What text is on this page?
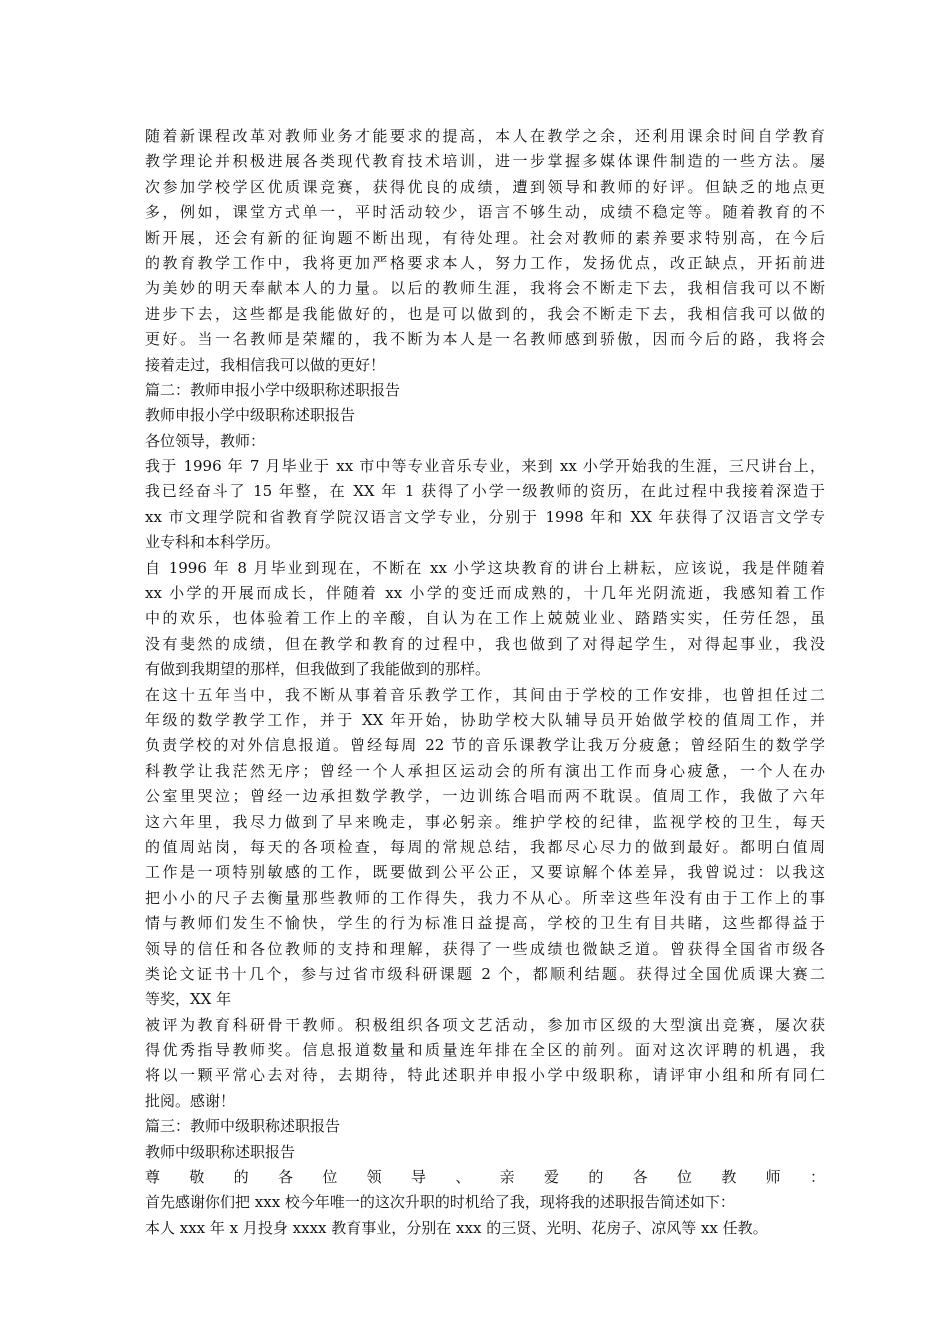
随着新课程改革对教师业务才能要求的提高，本人在教学之余，还利用课余时间自学教育
教学理论并积极进展各类现代教育技术培训，进一步掌握多媒体课件制造的一些方法。屡
次参加学校学区优质课竞赛，获得优良的成绩，遭到领导和教师的好评。但缺乏的地点更
多，例如，课堂方式单一，平时活动较少，语言不够生动，成绩不稳定等。随着教育的不
断开展，还会有新的征询题不断出现，有待处理。社会对教师的素养要求特别高，在今后
的教育教学工作中，我将更加严格要求本人，努力工作，发扬优点，改正缺点，开拓前进
为美妙的明天奉献本人的力量。以后的教师生涯，我将会不断走下去，我相信我可以不断
进步下去，这些都是我能做好的，也是可以做到的，我会不断走下去，我相信我可以做的
更好。当一名教师是荣耀的，我不断为本人是一名教师感到骄傲，因而今后的路，我将会
接着走过，我相信我可以做的更好！
篇二：教师申报小学中级职称述职报告
教师申报小学中级职称述职报告
各位领导，教师：
我于 1996 年 7 月毕业于 xx 市中等专业音乐专业，来到 xx 小学开始我的生涯，三尺讲台上，
我已经奋斗了 15 年整，在 XX 年 1 获得了小学一级教师的资历，在此过程中我接着深造于
xx 市文理学院和省教育学院汉语言文学专业，分别于 1998 年和 XX 年获得了汉语言文学专
业专科和本科学历。
自 1996 年 8 月毕业到现在，不断在 xx 小学这块教育的讲台上耕耘，应该说，我是伴随着
xx 小学的开展而成长，伴随着 xx 小学的变迁而成熟的，十几年光阴流逝，我感知着工作
中的欢乐，也体验着工作上的辛酸，自认为在工作上兢兢业业、踏踏实实，任劳任怨，虽
没有斐然的成绩，但在教学和教育的过程中，我也做到了对得起学生，对得起事业，我没
有做到我期望的那样，但我做到了我能做到的那样。
在这十五年当中，我不断从事着音乐教学工作，其间由于学校的工作安排，也曾担任过二
年级的数学教学工作，并于 XX 年开始，协助学校大队辅导员开始做学校的值周工作，并
负责学校的对外信息报道。曾经每周 22 节的音乐课教学让我万分疲惫；曾经陌生的数学学
科教学让我茫然无序；曾经一个人承担区运动会的所有演出工作而身心疲惫，一个人在办
公室里哭泣；曾经一边承担数学教学，一边训练合唱而两不耽误。值周工作，我做了六年
这六年里，我尽力做到了早来晚走，事必躬亲。维护学校的纪律，监视学校的卫生，每天
的值周站岗，每天的各项检查，每周的常规总结，我都尽心尽力的做到最好。都明白值周
工作是一项特别敏感的工作，既要做到公平公正，又要谅解个体差异，我曾说过：以我这
把小小的尺子去衡量那些教师的工作得失，我力不从心。所幸这些年没有由于工作上的事
情与教师们发生不愉快，学生的行为标准日益提高，学校的卫生有目共睹，这些都得益于
领导的信任和各位教师的支持和理解，获得了一些成绩也微缺乏道。曾获得全国省市级各
类论文证书十几个，参与过省市级科研课题 2 个，都顺利结题。获得过全国优质课大赛二
等奖，XX 年
被评为教育科研骨干教师。积极组织各项文艺活动，参加市区级的大型演出竞赛，屡次获
得优秀指导教师奖。信息报道数量和质量连年排在全区的前列。面对这次评聘的机遇，我
将以一颗平常心去对待，去期待，特此述职并申报小学中级职称，请评审小组和所有同仁
批阅。感谢！
篇三：教师中级职称述职报告
教师中级职称述职报告
尊敬的各位领导、亲爱的各位教师：
首先感谢你们把 xxx 校今年唯一的这次升职的时机给了我，现将我的述职报告简述如下：
本人 xxx 年 x 月投身 xxxx 教育事业，分别在 xxx 的三贤、光明、花房子、凉风等 xx 任教。
